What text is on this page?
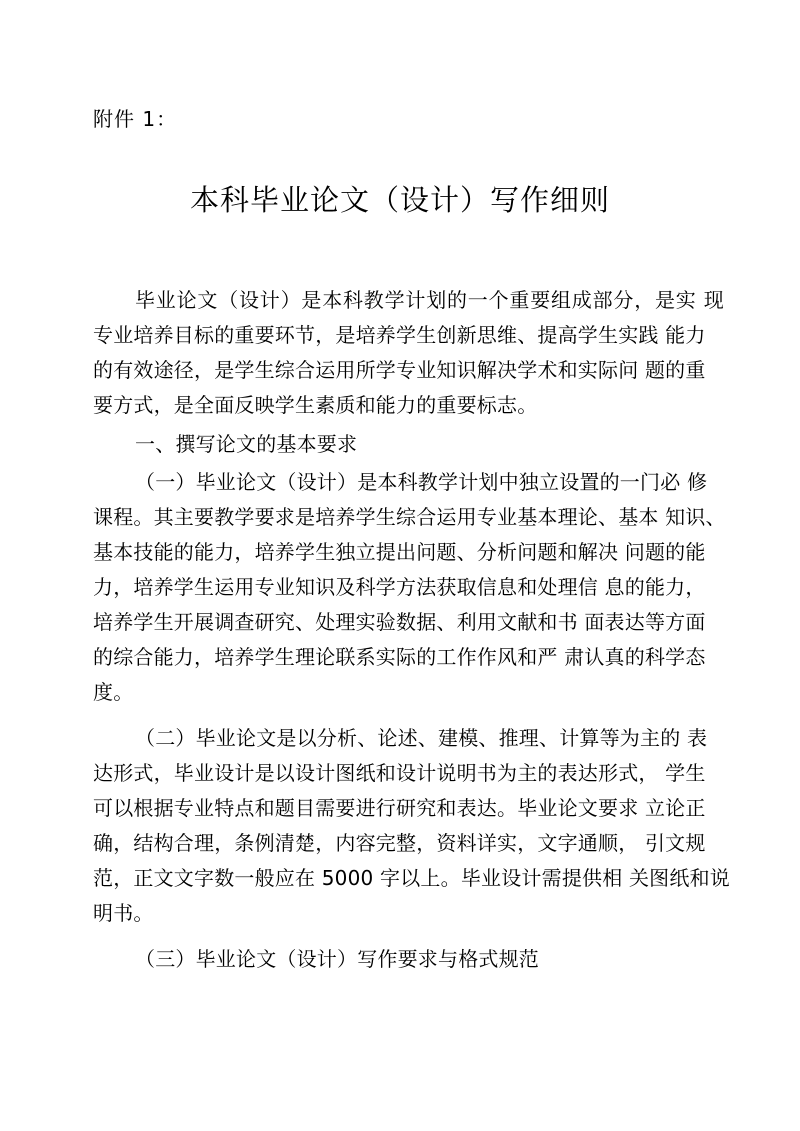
附件 1：
本科毕业论文（设计）写作细则
毕业论文（设计）是本科教学计划的一个重要组成部分，是实 现
专业培养目标的重要环节，是培养学生创新思维、提高学生实践 能力
的有效途径，是学生综合运用所学专业知识解决学术和实际问 题的重
要方式，是全面反映学生素质和能力的重要标志。
一、撰写论文的基本要求
（一）毕业论文（设计）是本科教学计划中独立设置的一门必 修
课程。其主要教学要求是培养学生综合运用专业基本理论、基本 知识、
基本技能的能力，培养学生独立提出问题、分析问题和解决 问题的能
力，培养学生运用专业知识及科学方法获取信息和处理信 息的能力，
培养学生开展调查研究、处理实验数据、利用文献和书 面表达等方面
的综合能力，培养学生理论联系实际的工作作风和严 肃认真的科学态
度。
（二）毕业论文是以分析、论述、建模、推理、计算等为主的 表
达形式，毕业设计是以设计图纸和设计说明书为主的表达形式， 学生
可以根据专业特点和题目需要进行研究和表达。毕业论文要求 立论正
确，结构合理，条例清楚，内容完整，资料详实，文字通顺， 引文规
范，正文文字数一般应在 5000 字以上。毕业设计需提供相 关图纸和说
明书。
（三）毕业论文（设计）写作要求与格式规范
